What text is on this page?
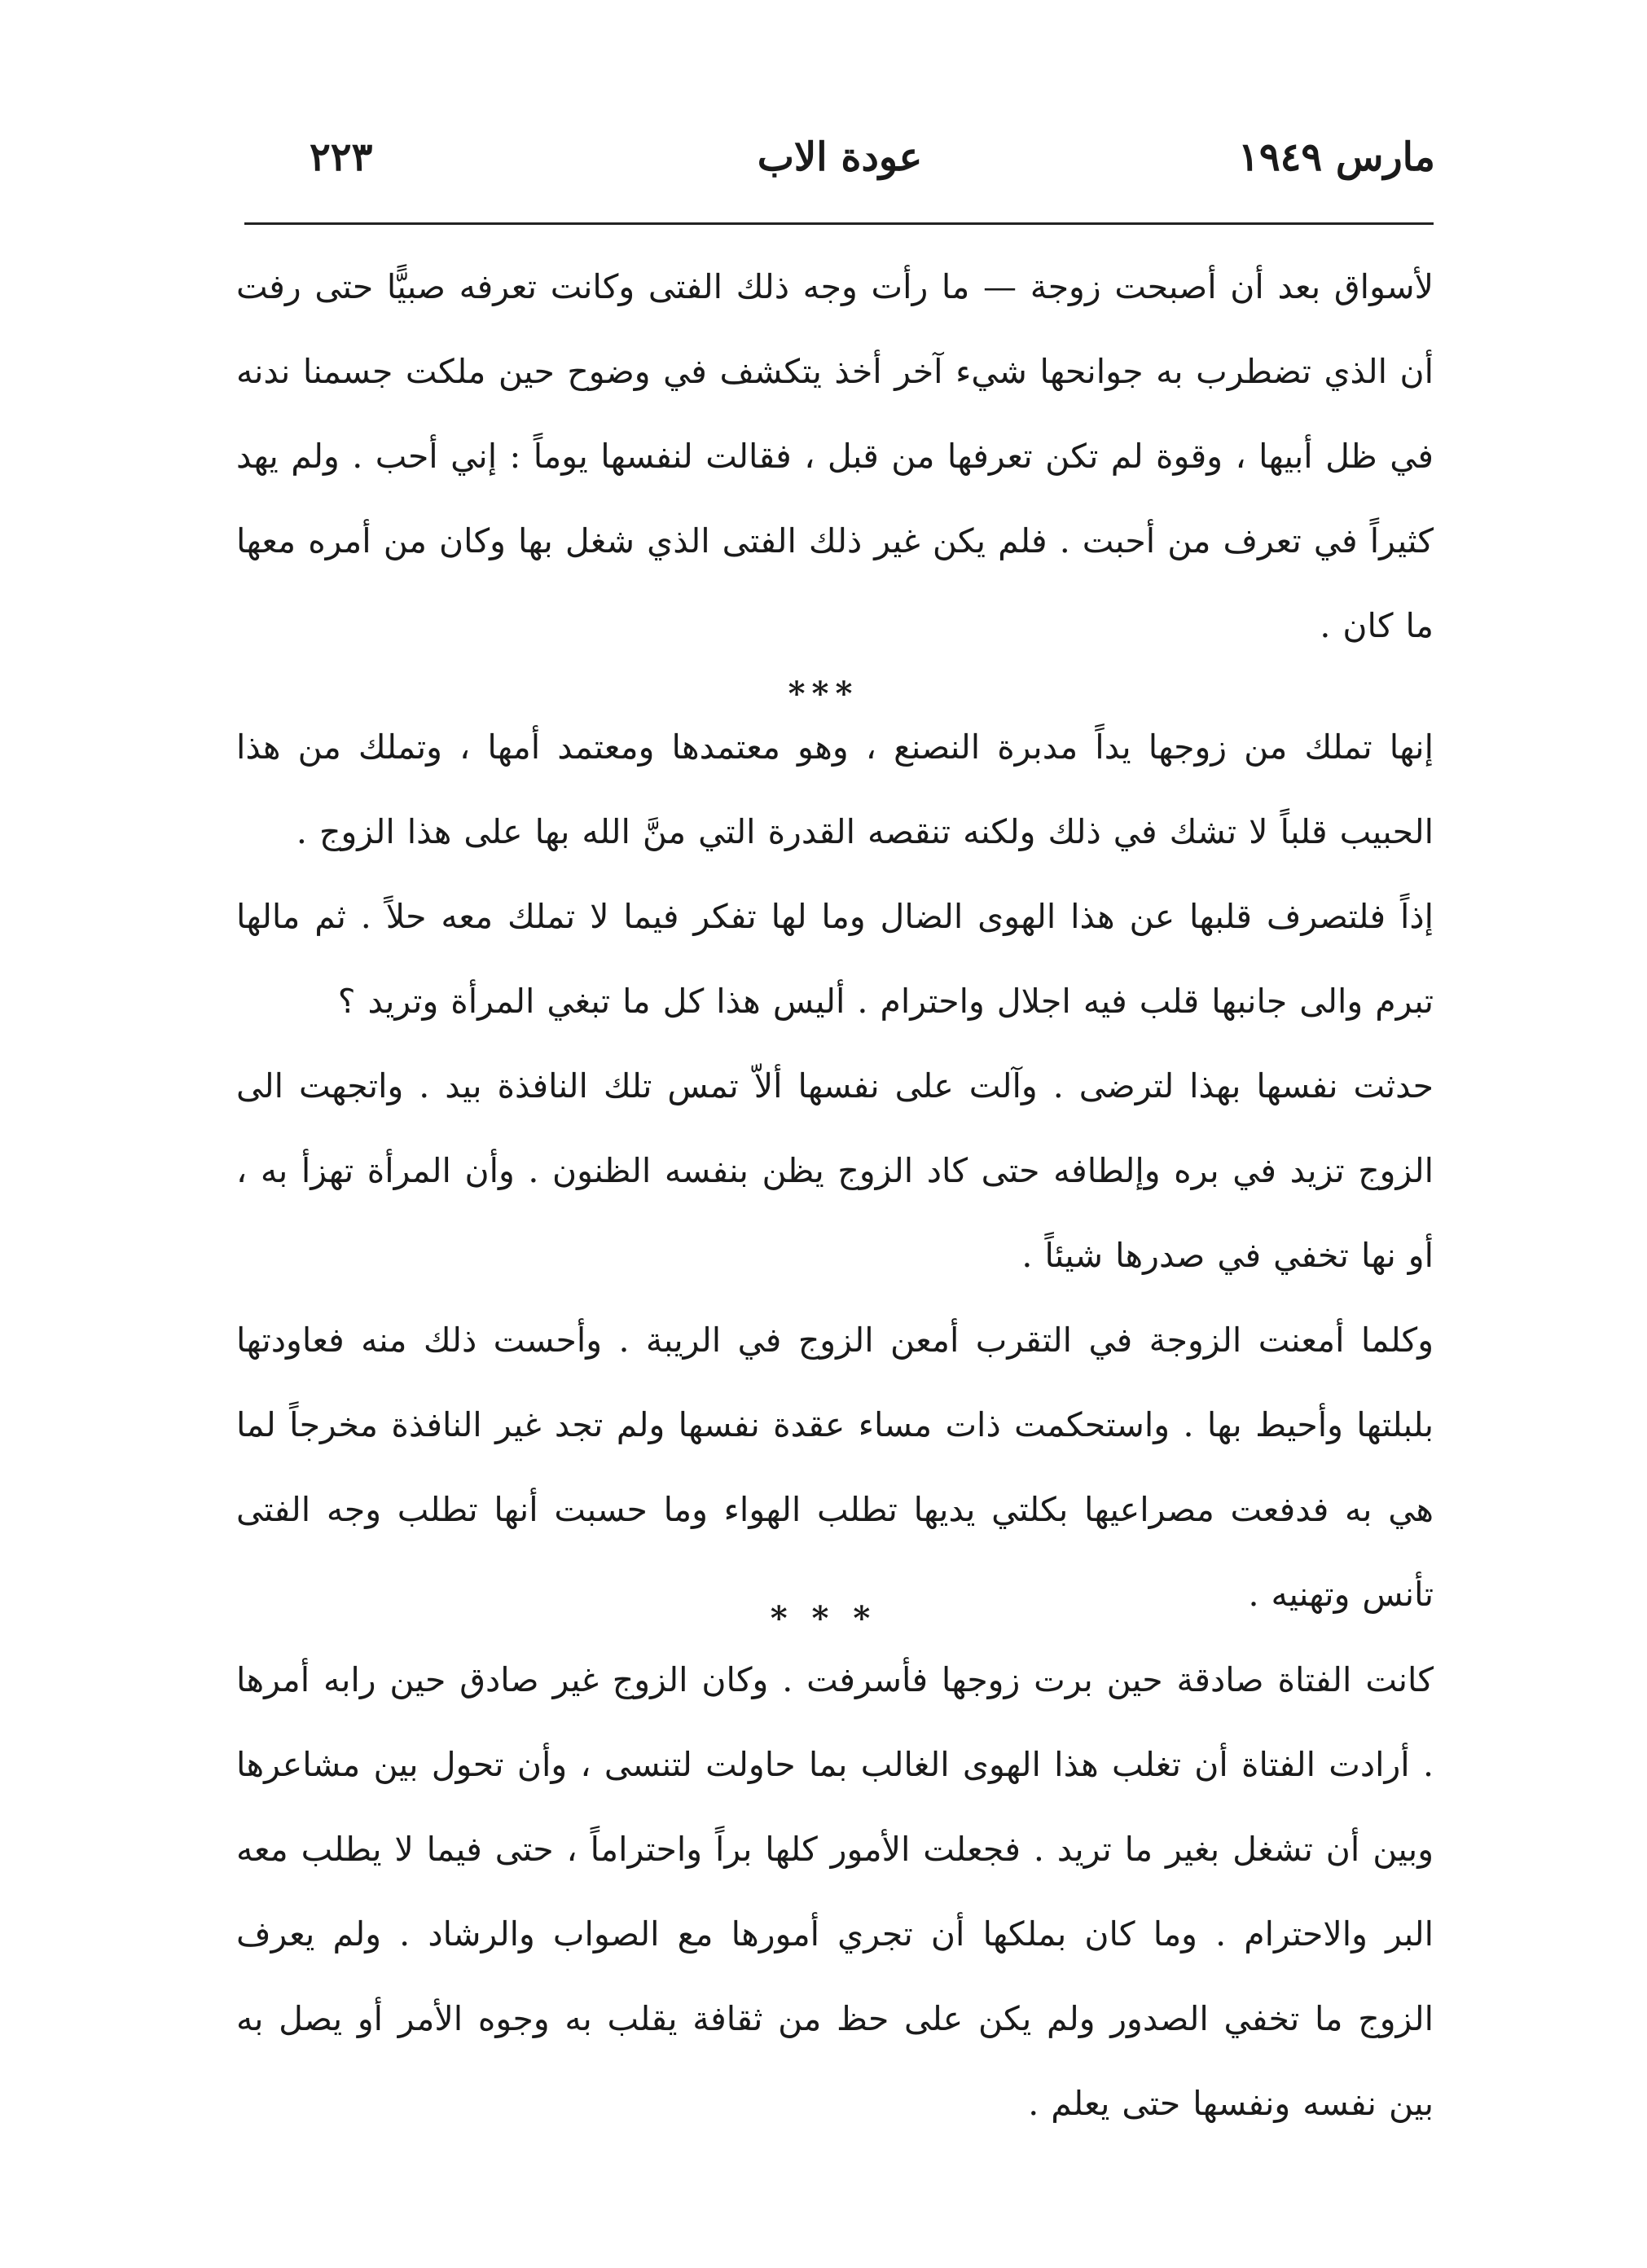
مارس ١٩٤٩
عودة الاب
٢٢٣

لأسواق بعد أن أصبحت زوجة — ما رأت وجه ذلك الفتى وكانت تعرفه صبيًّا حتى رفت أن الذي تضطرب به جوانحها شيء آخر أخذ يتكشف في وضوح حين ملكت جسمنا ندنه في ظل أبيها ، وقوة لم تكن تعرفها من قبل ، فقالت لنفسها يوماً : إني أحب . ولم يهد كثيراً في تعرف من أحبت . فلم يكن غير ذلك الفتى الذي شغل بها وكان من أمره معها ما كان .

***

إنها تملك من زوجها يداً مدبرة النصنع ، وهو معتمدها ومعتمد أمها ، وتملك من هذا الحبيب قلباً لا تشك في ذلك ولكنه تنقصه القدرة التي منَّ الله بها على هذا الزوج .

إذاً فلتصرف قلبها عن هذا الهوى الضال وما لها تفكر فيما لا تملك معه حلاً . ثم مالها تبرم والى جانبها قلب فيه اجلال واحترام . أليس هذا كل ما تبغي المرأة وتريد ؟

حدثت نفسها بهذا لترضى . وآلت على نفسها ألاّ تمس تلك النافذة بيد . واتجهت الى الزوج تزيد في بره وإلطافه حتى كاد الزوج يظن بنفسه الظنون . وأن المرأة تهزأ به ، أو نها تخفي في صدرها شيئاً .

وكلما أمعنت الزوجة في التقرب أمعن الزوج في الريبة . وأحست ذلك منه فعاودتها بلبلتها وأحيط بها . واستحكمت ذات مساء عقدة نفسها ولم تجد غير النافذة مخرجاً لما هي به فدفعت مصراعيها بكلتي يديها تطلب الهواء وما حسبت أنها تطلب وجه الفتى تأنس وتهنيه .

* * *

كانت الفتاة صادقة حين برت زوجها فأسرفت . وكان الزوج غير صادق حين رابه أمرها . أرادت الفتاة أن تغلب هذا الهوى الغالب بما حاولت لتنسى ، وأن تحول بين مشاعرها وبين أن تشغل بغير ما تريد . فجعلت الأمور كلها براً واحتراماً ، حتى فيما لا يطلب معه البر والاحترام . وما كان بملكها أن تجري أمورها مع الصواب والرشاد . ولم يعرف الزوج ما تخفي الصدور ولم يكن على حظ من ثقافة يقلب به وجوه الأمر أو يصل به بين نفسه ونفسها حتى يعلم .
